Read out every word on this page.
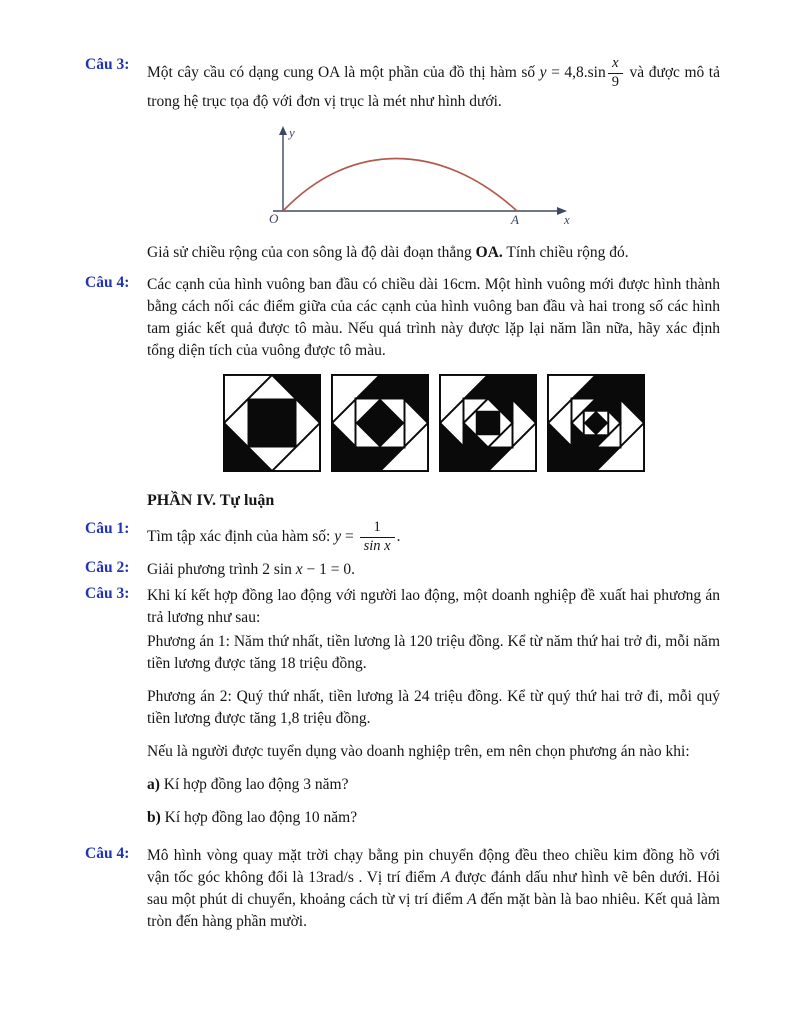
Câu 3:	Một cây cầu có dạng cung OA là một phần của đồ thị hàm số $y = 4,8.\sin \frac{x}{9}$ và được mô tả trong hệ trục tọa độ với đơn vị trục là mét như hình dưới.
y
x
O	A
Giả sử chiều rộng của con sông là độ dài đoạn thẳng OA. Tính chiều rộng đó.
Câu 4:	Các cạnh của hình vuông ban đầu có chiều dài 16cm. Một hình vuông mới được hình thành bằng cách nối các điểm giữa của các cạnh của hình vuông ban đầu và hai trong số các hình tam giác kết quả được tô màu. Nếu quá trình này được lặp lại năm lần nữa, hãy xác định tổng diện tích của vuông được tô màu.
PHẦN IV. Tự luận
Câu 1:	Tìm tập xác định của hàm số: $y = \frac{1}{\text{sin x}}$ .
Câu 2:	Giải phương trình 2 sin x − 1 = 0.
Câu 3:	Khi kí kết hợp đồng lao động với người lao động, một doanh nghiệp đề xuất hai phương án trả lương như sau:
Phương án 1: Năm thứ nhất, tiền lương là 120 triệu đồng. Kể từ năm thứ hai trở đi, mỗi năm tiền lương được tăng 18 triệu đồng.
Phương án 2: Quý thứ nhất, tiền lương là 24 triệu đồng. Kể từ quý thứ hai trở đi, mỗi quý tiền lương được tăng 1,8 triệu đồng.
Nếu là người được tuyển dụng vào doanh nghiệp trên, em nên chọn phương án nào khi:
a) Kí hợp đồng lao động 3 năm?
b) Kí hợp đồng lao động 10 năm?
Câu 4:	Mô hình vòng quay mặt trời chạy bằng pin chuyển động đều theo chiều kim đồng hồ với vận tốc góc không đổi là 13rad/s . Vị trí điểm A được đánh dấu như hình vẽ bên dưới. Hỏi sau một phút di chuyển, khoảng cách từ vị trí điểm A đến mặt bàn là bao nhiêu. Kết quả làm tròn đến hàng phần mười.
